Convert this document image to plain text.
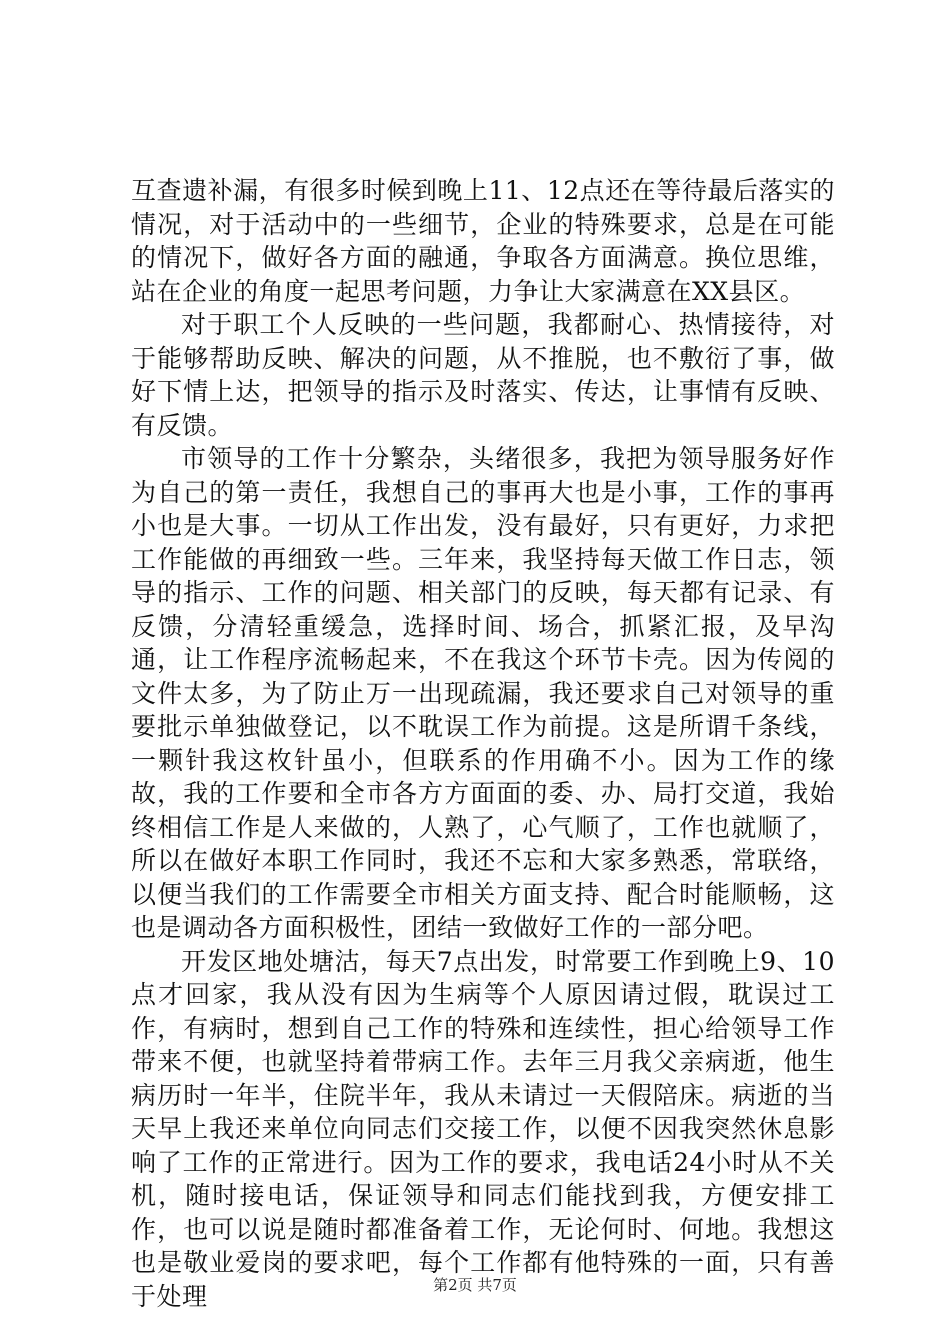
互查遗补漏，有很多时候到晚上11、12点还在等待最后落实的情况，对于活动中的一些细节，企业的特殊要求，总是在可能的情况下，做好各方面的融通，争取各方面满意。换位思维，站在企业的角度一起思考问题，力争让大家满意在XX县区。

对于职工个人反映的一些问题，我都耐心、热情接待，对于能够帮助反映、解决的问题，从不推脱，也不敷衍了事，做好下情上达，把领导的指示及时落实、传达，让事情有反映、有反馈。

市领导的工作十分繁杂，头绪很多，我把为领导服务好作为自己的第一责任，我想自己的事再大也是小事，工作的事再小也是大事。一切从工作出发，没有最好，只有更好，力求把工作能做的再细致一些。三年来，我坚持每天做工作日志，领导的指示、工作的问题、相关部门的反映，每天都有记录、有反馈，分清轻重缓急，选择时间、场合，抓紧汇报，及早沟通，让工作程序流畅起来，不在我这个环节卡壳。因为传阅的文件太多，为了防止万一出现疏漏，我还要求自己对领导的重要批示单独做登记，以不耽误工作为前提。这是所谓千条线，一颗针我这枚针虽小，但联系的作用确不小。因为工作的缘故，我的工作要和全市各方方面面的委、办、局打交道，我始终相信工作是人来做的，人熟了，心气顺了，工作也就顺了，所以在做好本职工作同时，我还不忘和大家多熟悉，常联络，以便当我们的工作需要全市相关方面支持、配合时能顺畅，这也是调动各方面积极性，团结一致做好工作的一部分吧。

开发区地处塘沽，每天7点出发，时常要工作到晚上9、10点才回家，我从没有因为生病等个人原因请过假，耽误过工作，有病时，想到自己工作的特殊和连续性，担心给领导工作带来不便，也就坚持着带病工作。去年三月我父亲病逝，他生病历时一年半，住院半年，我从未请过一天假陪床。病逝的当天早上我还来单位向同志们交接工作，以便不因我突然休息影响了工作的正常进行。因为工作的要求，我电话24小时从不关机，随时接电话，保证领导和同志们能找到我，方便安排工作，也可以说是随时都准备着工作，无论何时、何地。我想这也是敬业爱岗的要求吧，每个工作都有他特殊的一面，只有善于处理	第2页 共7页
